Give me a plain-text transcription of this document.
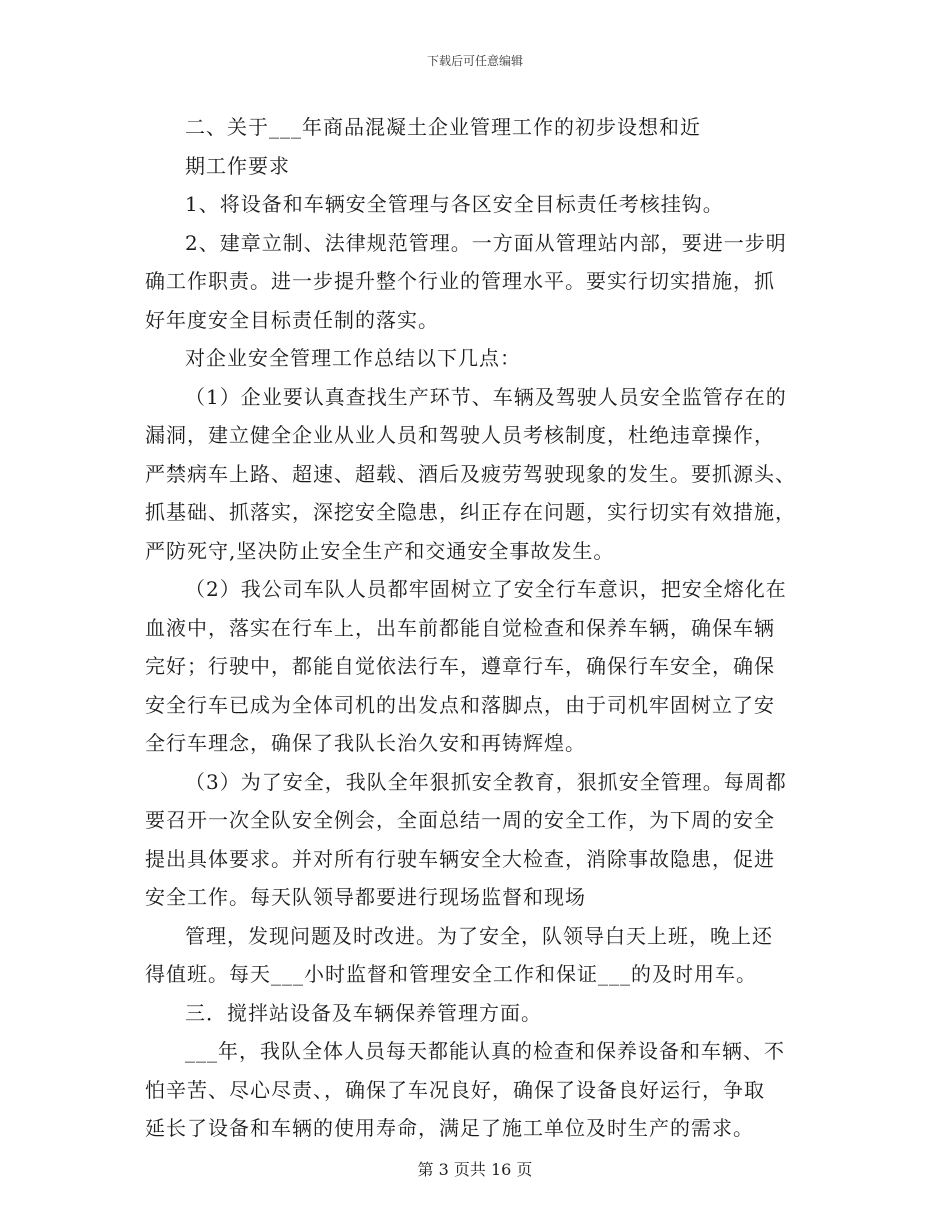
下载后可任意编辑
二、关于___年商品混凝土企业管理工作的初步设想和近
期工作要求
1、将设备和车辆安全管理与各区安全目标责任考核挂钩。
2、建章立制、法律规范管理。一方面从管理站内部，要进一步明
确工作职责。进一步提升整个行业的管理水平。要实行切实措施，抓
好年度安全目标责任制的落实。
对企业安全管理工作总结以下几点：
（1）企业要认真查找生产环节、车辆及驾驶人员安全监管存在的
漏洞，建立健全企业从业人员和驾驶人员考核制度，杜绝违章操作，
严禁病车上路、超速、超载、酒后及疲劳驾驶现象的发生。要抓源头、
抓基础、抓落实，深挖安全隐患，纠正存在问题，实行切实有效措施，
严防死守,坚决防止安全生产和交通安全事故发生。
（2）我公司车队人员都牢固树立了安全行车意识，把安全熔化在
血液中，落实在行车上，出车前都能自觉检查和保养车辆，确保车辆
完好；行驶中，都能自觉依法行车，遵章行车，确保行车安全，确保
安全行车已成为全体司机的出发点和落脚点，由于司机牢固树立了安
全行车理念，确保了我队长治久安和再铸辉煌。
（3）为了安全，我队全年狠抓安全教育，狠抓安全管理。每周都
要召开一次全队安全例会，全面总结一周的安全工作，为下周的安全
提出具体要求。并对所有行驶车辆安全大检查，消除事故隐患，促进
安全工作。每天队领导都要进行现场监督和现场
管理，发现问题及时改进。为了安全，队领导白天上班，晚上还
得值班。每天___小时监督和管理安全工作和保证___的及时用车。
三．搅拌站设备及车辆保养管理方面。
___年，我队全体人员每天都能认真的检查和保养设备和车辆、不
怕辛苦、尽心尽责、，确保了车况良好，确保了设备良好运行，争取
延长了设备和车辆的使用寿命，满足了施工单位及时生产的需求。
第 3 页共 16 页
